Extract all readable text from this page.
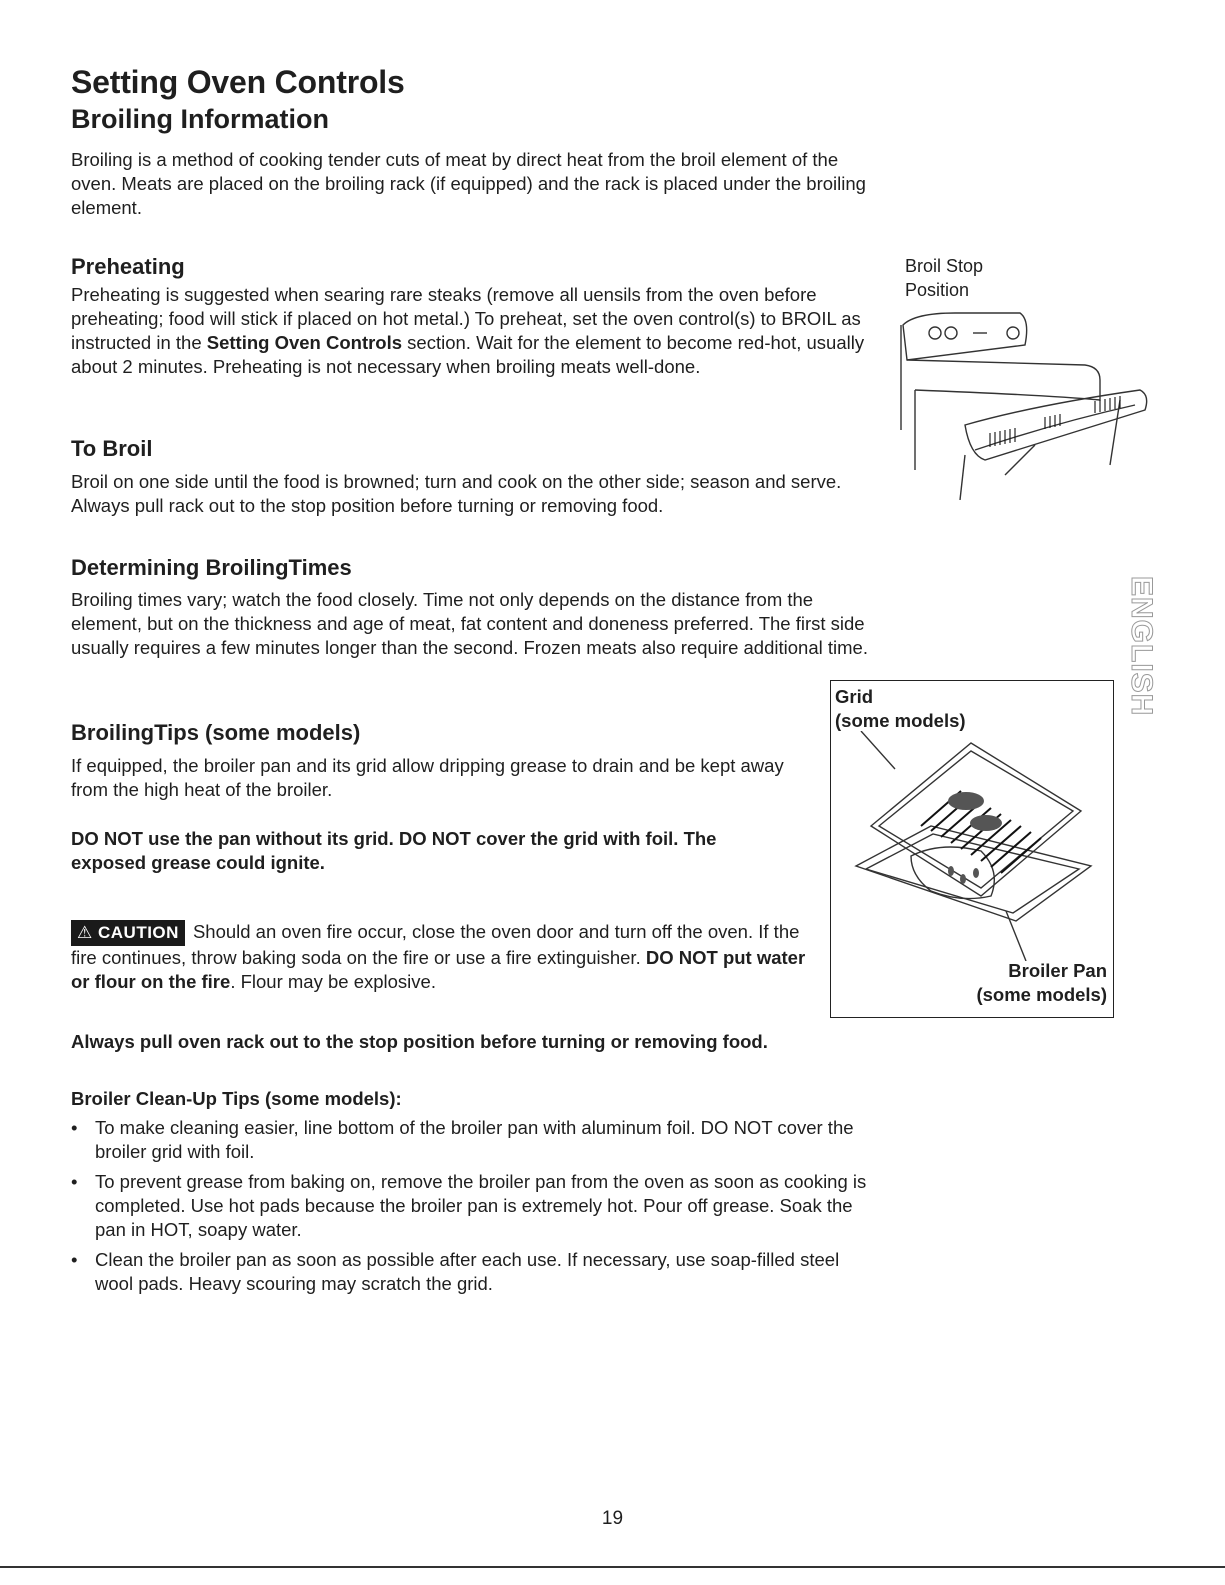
Setting Oven Controls
Broiling Information

Broiling is a method of cooking tender cuts of meat by direct heat from the broil element of the oven. Meats are placed on the broiling rack (if equipped) and the rack is placed under the broiling element.

Preheating

Preheating is suggested when searing rare steaks (remove all uensils from the oven before preheating; food will stick if placed on hot metal.) To preheat, set the oven control(s) to BROIL as instructed in the Setting Oven Controls section. Wait for the element to become red-hot, usually about 2 minutes. Preheating is not necessary when broiling meats well-done.

Broil Stop
Position
To Broil

Broil on one side until the food is browned; turn and cook on the other side; season and serve. Always pull rack out to the stop position before turning or removing food.

Determining BroilingTimes

Broiling times vary; watch the food closely. Time not only depends on the distance from the element, but on the thickness and age of meat, fat content and doneness preferred. The first side usually requires a few minutes longer than the second. Frozen meats also require additional time.

BroilingTips (some models)

If equipped, the broiler pan and its grid allow dripping grease to drain and be kept away from the high heat of the broiler.

DO NOT use the pan without its grid. DO NOT cover the grid with foil. The exposed grease could ignite.

⚠ CAUTION Should an oven fire occur, close the oven door and turn off the oven. If the fire continues, throw baking soda on the fire or use a fire extinguisher. DO NOT put water or flour on the fire. Flour may be explosive.

Grid
(some models)
Broiler Pan
(some models)

Always pull oven rack out to the stop position before turning or removing food.

Broiler Clean-Up Tips (some models):
• To make cleaning easier, line bottom of the broiler pan with aluminum foil. DO NOT cover the broiler grid with foil.
• To prevent grease from baking on, remove the broiler pan from the oven as soon as cooking is completed. Use hot pads because the broiler pan is extremely hot. Pour off grease. Soak the pan in HOT, soapy water.
• Clean the broiler pan as soon as possible after each use. If necessary, use soap-filled steel wool pads. Heavy scouring may scratch the grid.
ENGLISH
19
